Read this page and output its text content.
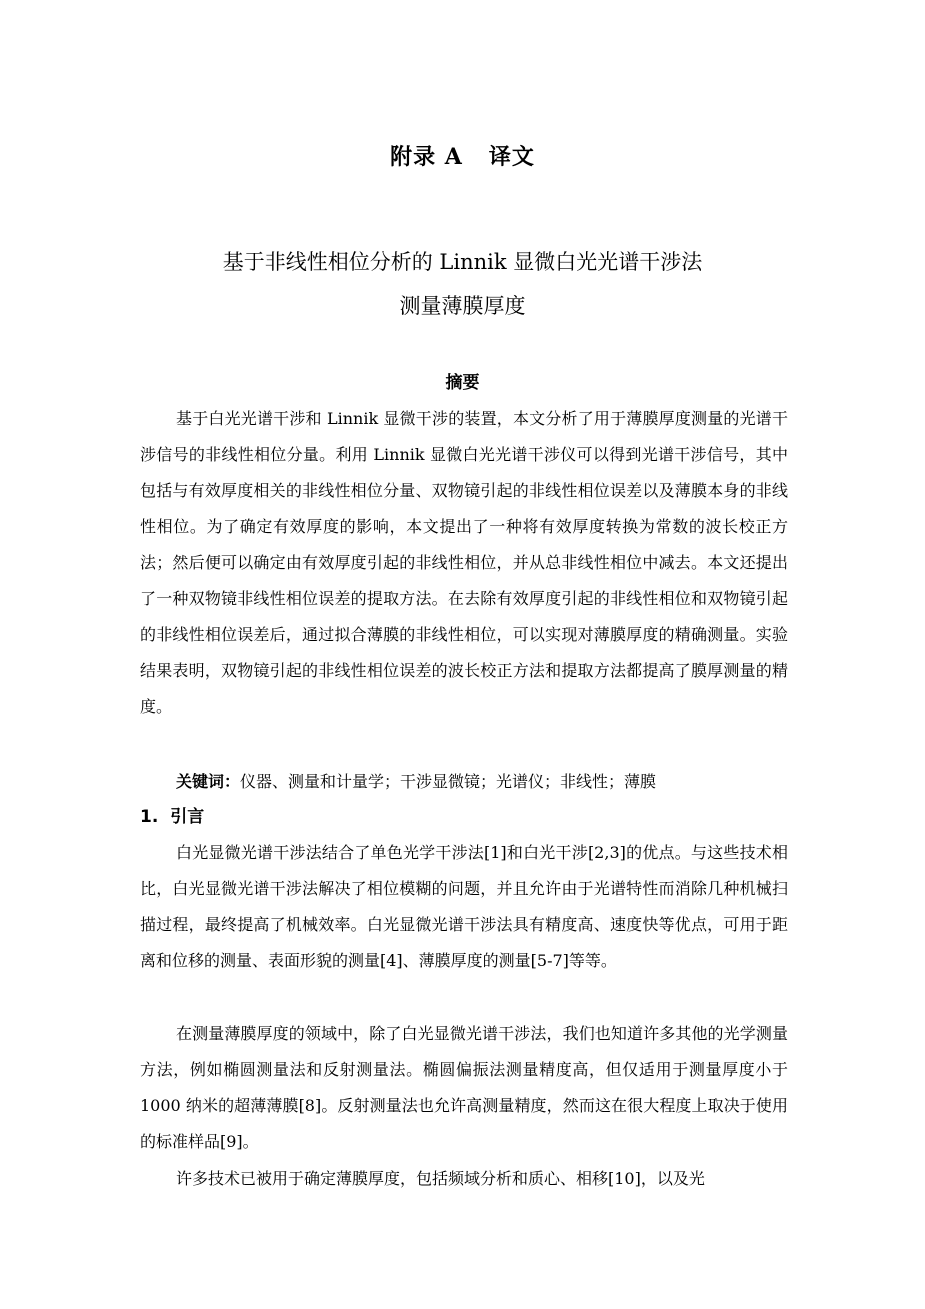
附录 A 译文
基于非线性相位分析的 Linnik 显微白光光谱干涉法
测量薄膜厚度
摘要

基于白光光谱干涉和 Linnik 显微干涉的装置，本文分析了用于薄膜厚度测量的光谱干涉信号的非线性相位分量。利用 Linnik 显微白光光谱干涉仪可以得到光谱干涉信号，其中包括与有效厚度相关的非线性相位分量、双物镜引起的非线性相位误差以及薄膜本身的非线性相位。为了确定有效厚度的影响，本文提出了一种将有效厚度转换为常数的波长校正方法；然后便可以确定由有效厚度引起的非线性相位，并从总非线性相位中减去。本文还提出了一种双物镜非线性相位误差的提取方法。在去除有效厚度引起的非线性相位和双物镜引起的非线性相位误差后，通过拟合薄膜的非线性相位，可以实现对薄膜厚度的精确测量。实验结果表明，双物镜引起的非线性相位误差的波长校正方法和提取方法都提高了膜厚测量的精度。

关键词：仪器、测量和计量学；干涉显微镜；光谱仪；非线性；薄膜
1. 引言

白光显微光谱干涉法结合了单色光学干涉法[1]和白光干涉[2,3]的优点。与这些技术相比，白光显微光谱干涉法解决了相位模糊的问题，并且允许由于光谱特性而消除几种机械扫描过程，最终提高了机械效率。白光显微光谱干涉法具有精度高、速度快等优点，可用于距离和位移的测量、表面形貌的测量[4]、薄膜厚度的测量[5-7]等等。

在测量薄膜厚度的领域中，除了白光显微光谱干涉法，我们也知道许多其他的光学测量方法，例如椭圆测量法和反射测量法。椭圆偏振法测量精度高，但仅适用于测量厚度小于 1000 纳米的超薄薄膜[8]。反射测量法也允许高测量精度，然而这在很大程度上取决于使用的标准样品[9]。

许多技术已被用于确定薄膜厚度，包括频域分析和质心、相移[10]，以及光
